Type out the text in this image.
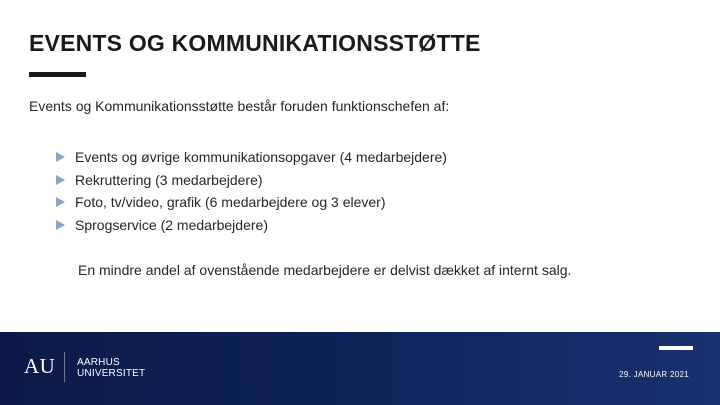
EVENTS OG KOMMUNIKATIONSSTØTTE
Events og Kommunikationsstøtte består foruden funktionschefen af:
Events og øvrige kommunikationsopgaver (4 medarbejdere)
Rekruttering (3 medarbejdere)
Foto, tv/video, grafik (6 medarbejdere og 3 elever)
Sprogservice (2 medarbejdere)
En mindre andel af ovenstående medarbejdere er delvist dækket af internt salg.
AU AARHUS
UNIVERSITET	29. JANUAR 2021
